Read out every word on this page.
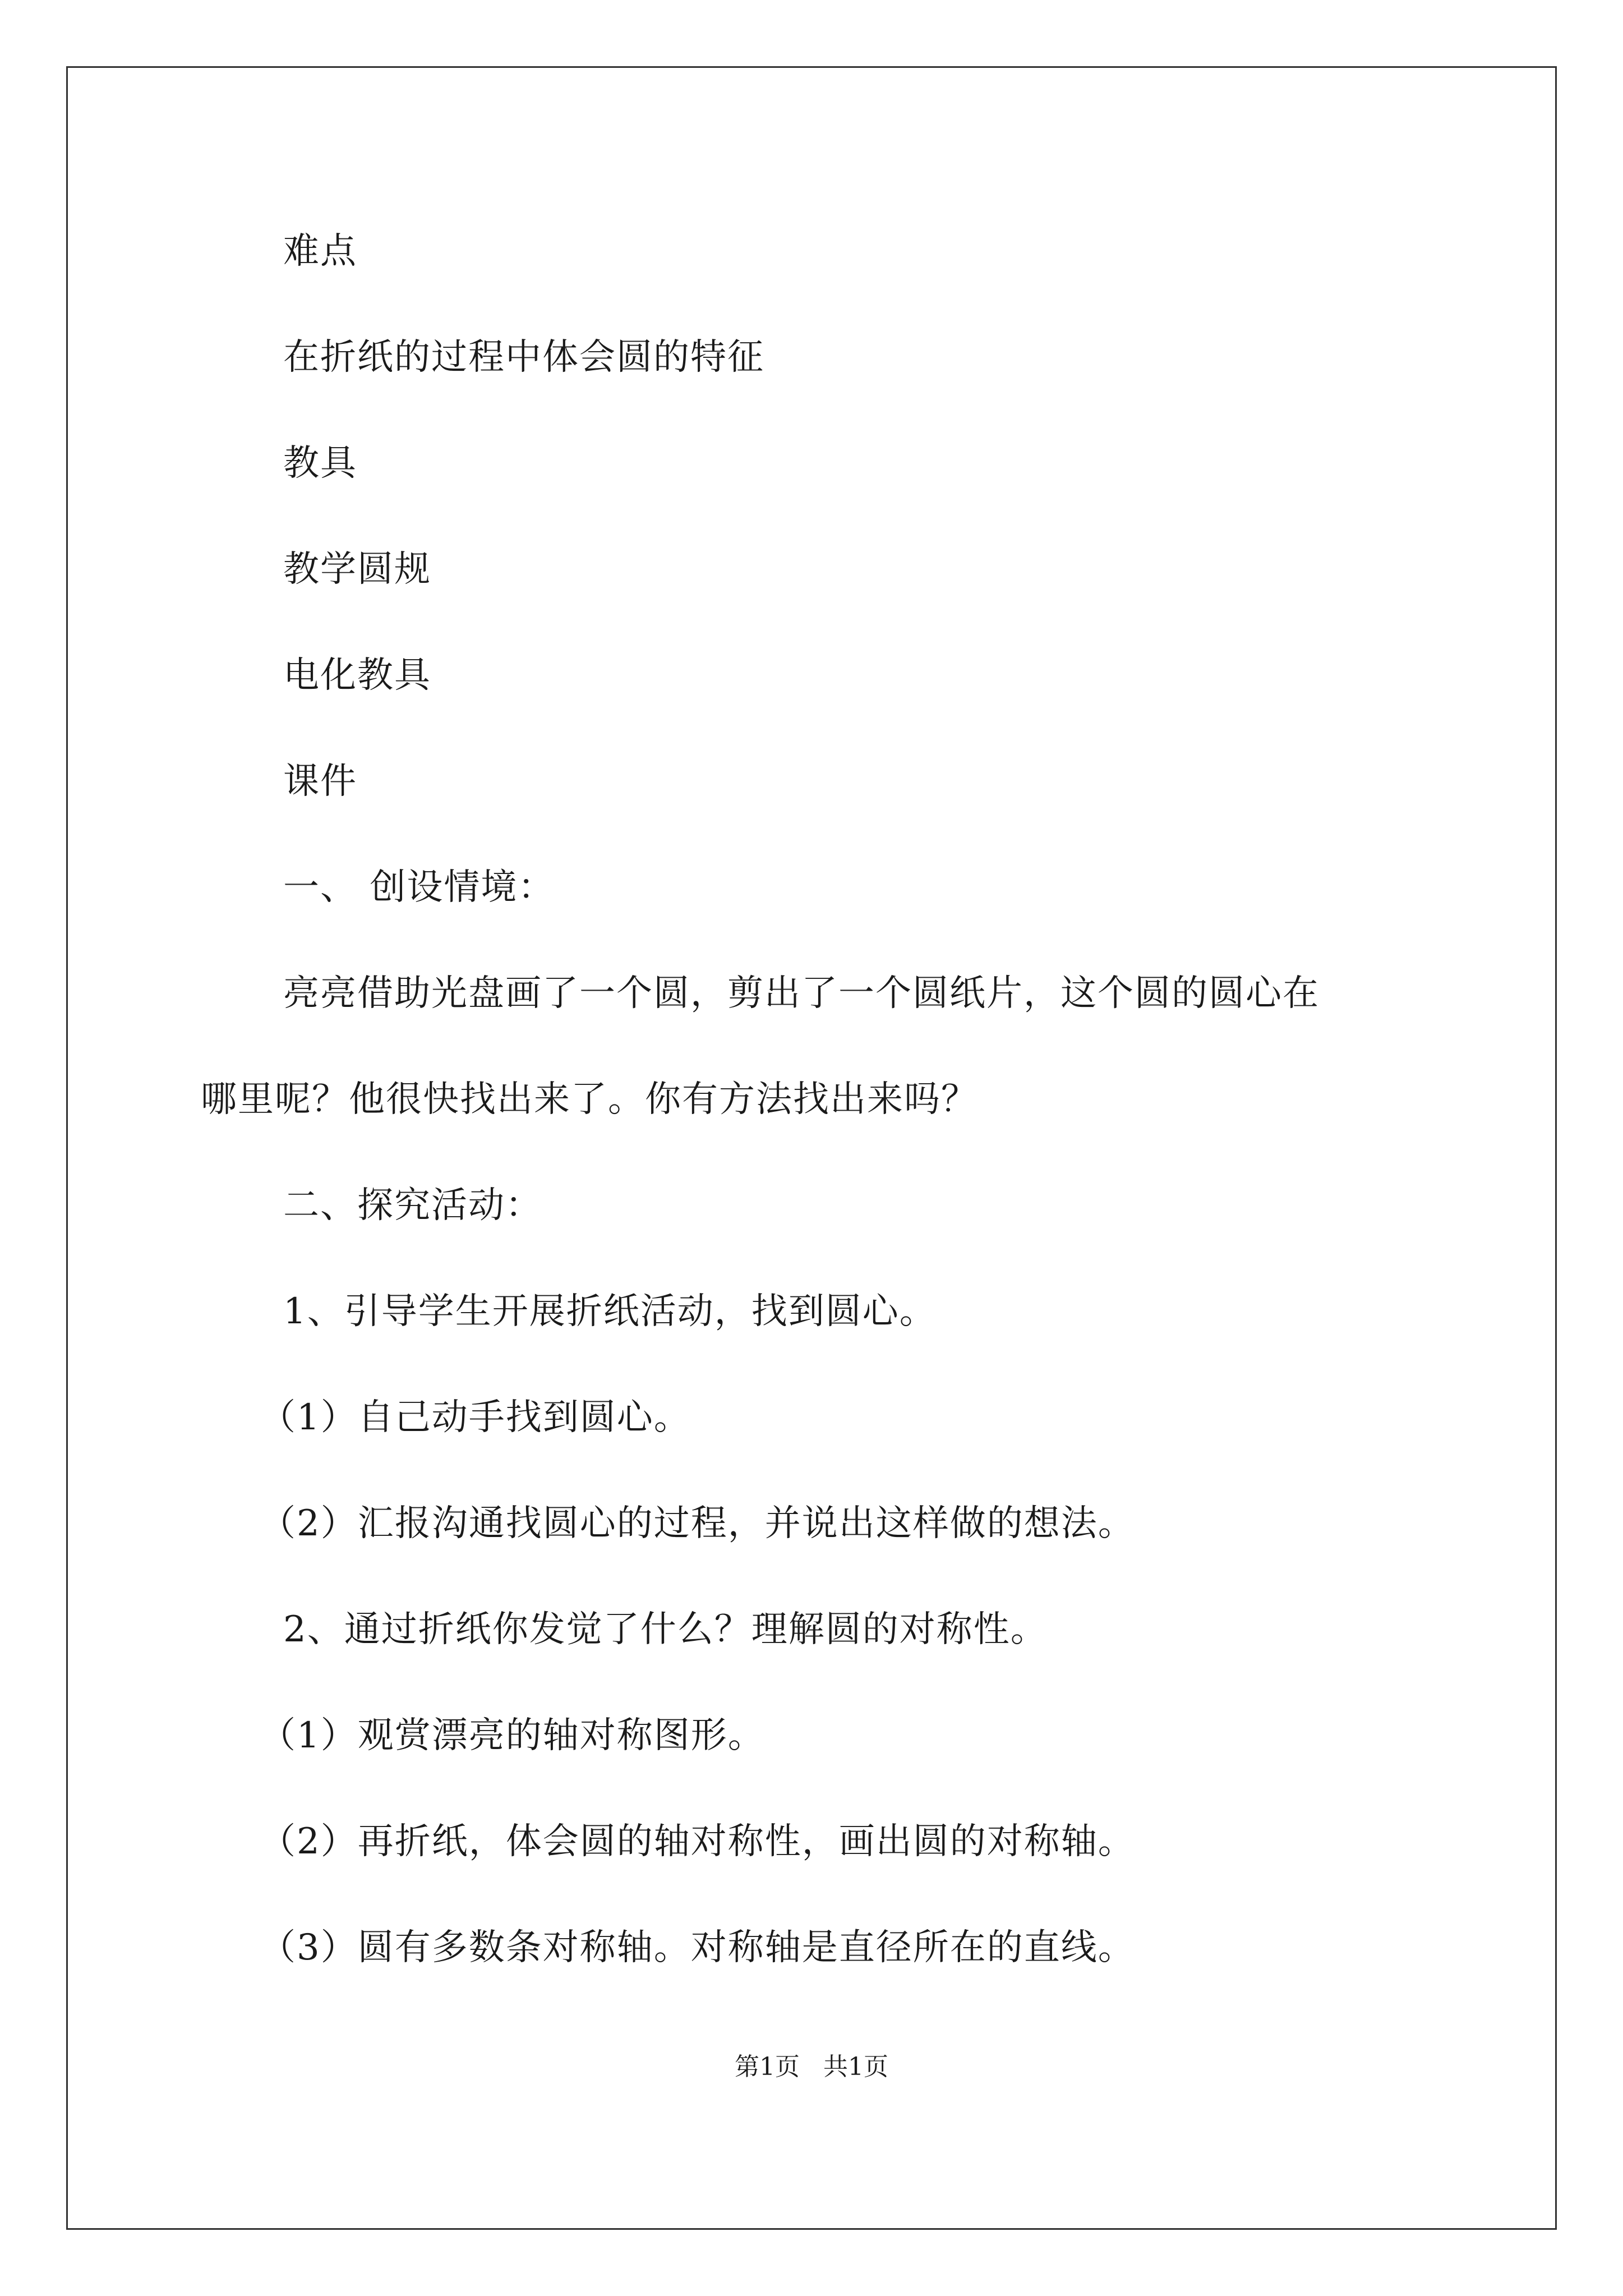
难点
在折纸的过程中体会圆的特征
教具
教学圆规
电化教具
课件
一、 创设情境：
亮亮借助光盘画了一个圆，剪出了一个圆纸片，这个圆的圆心在
哪里呢？他很快找出来了。你有方法找出来吗？
二、探究活动：
1、引导学生开展折纸活动，找到圆心。
（1）自己动手找到圆心。
（2）汇报沟通找圆心的过程，并说出这样做的想法。
2、通过折纸你发觉了什么？理解圆的对称性。
（1）观赏漂亮的轴对称图形。
（2）再折纸，体会圆的轴对称性，画出圆的对称轴。
（3）圆有多数条对称轴。对称轴是直径所在的直线。
第1页   共1页
